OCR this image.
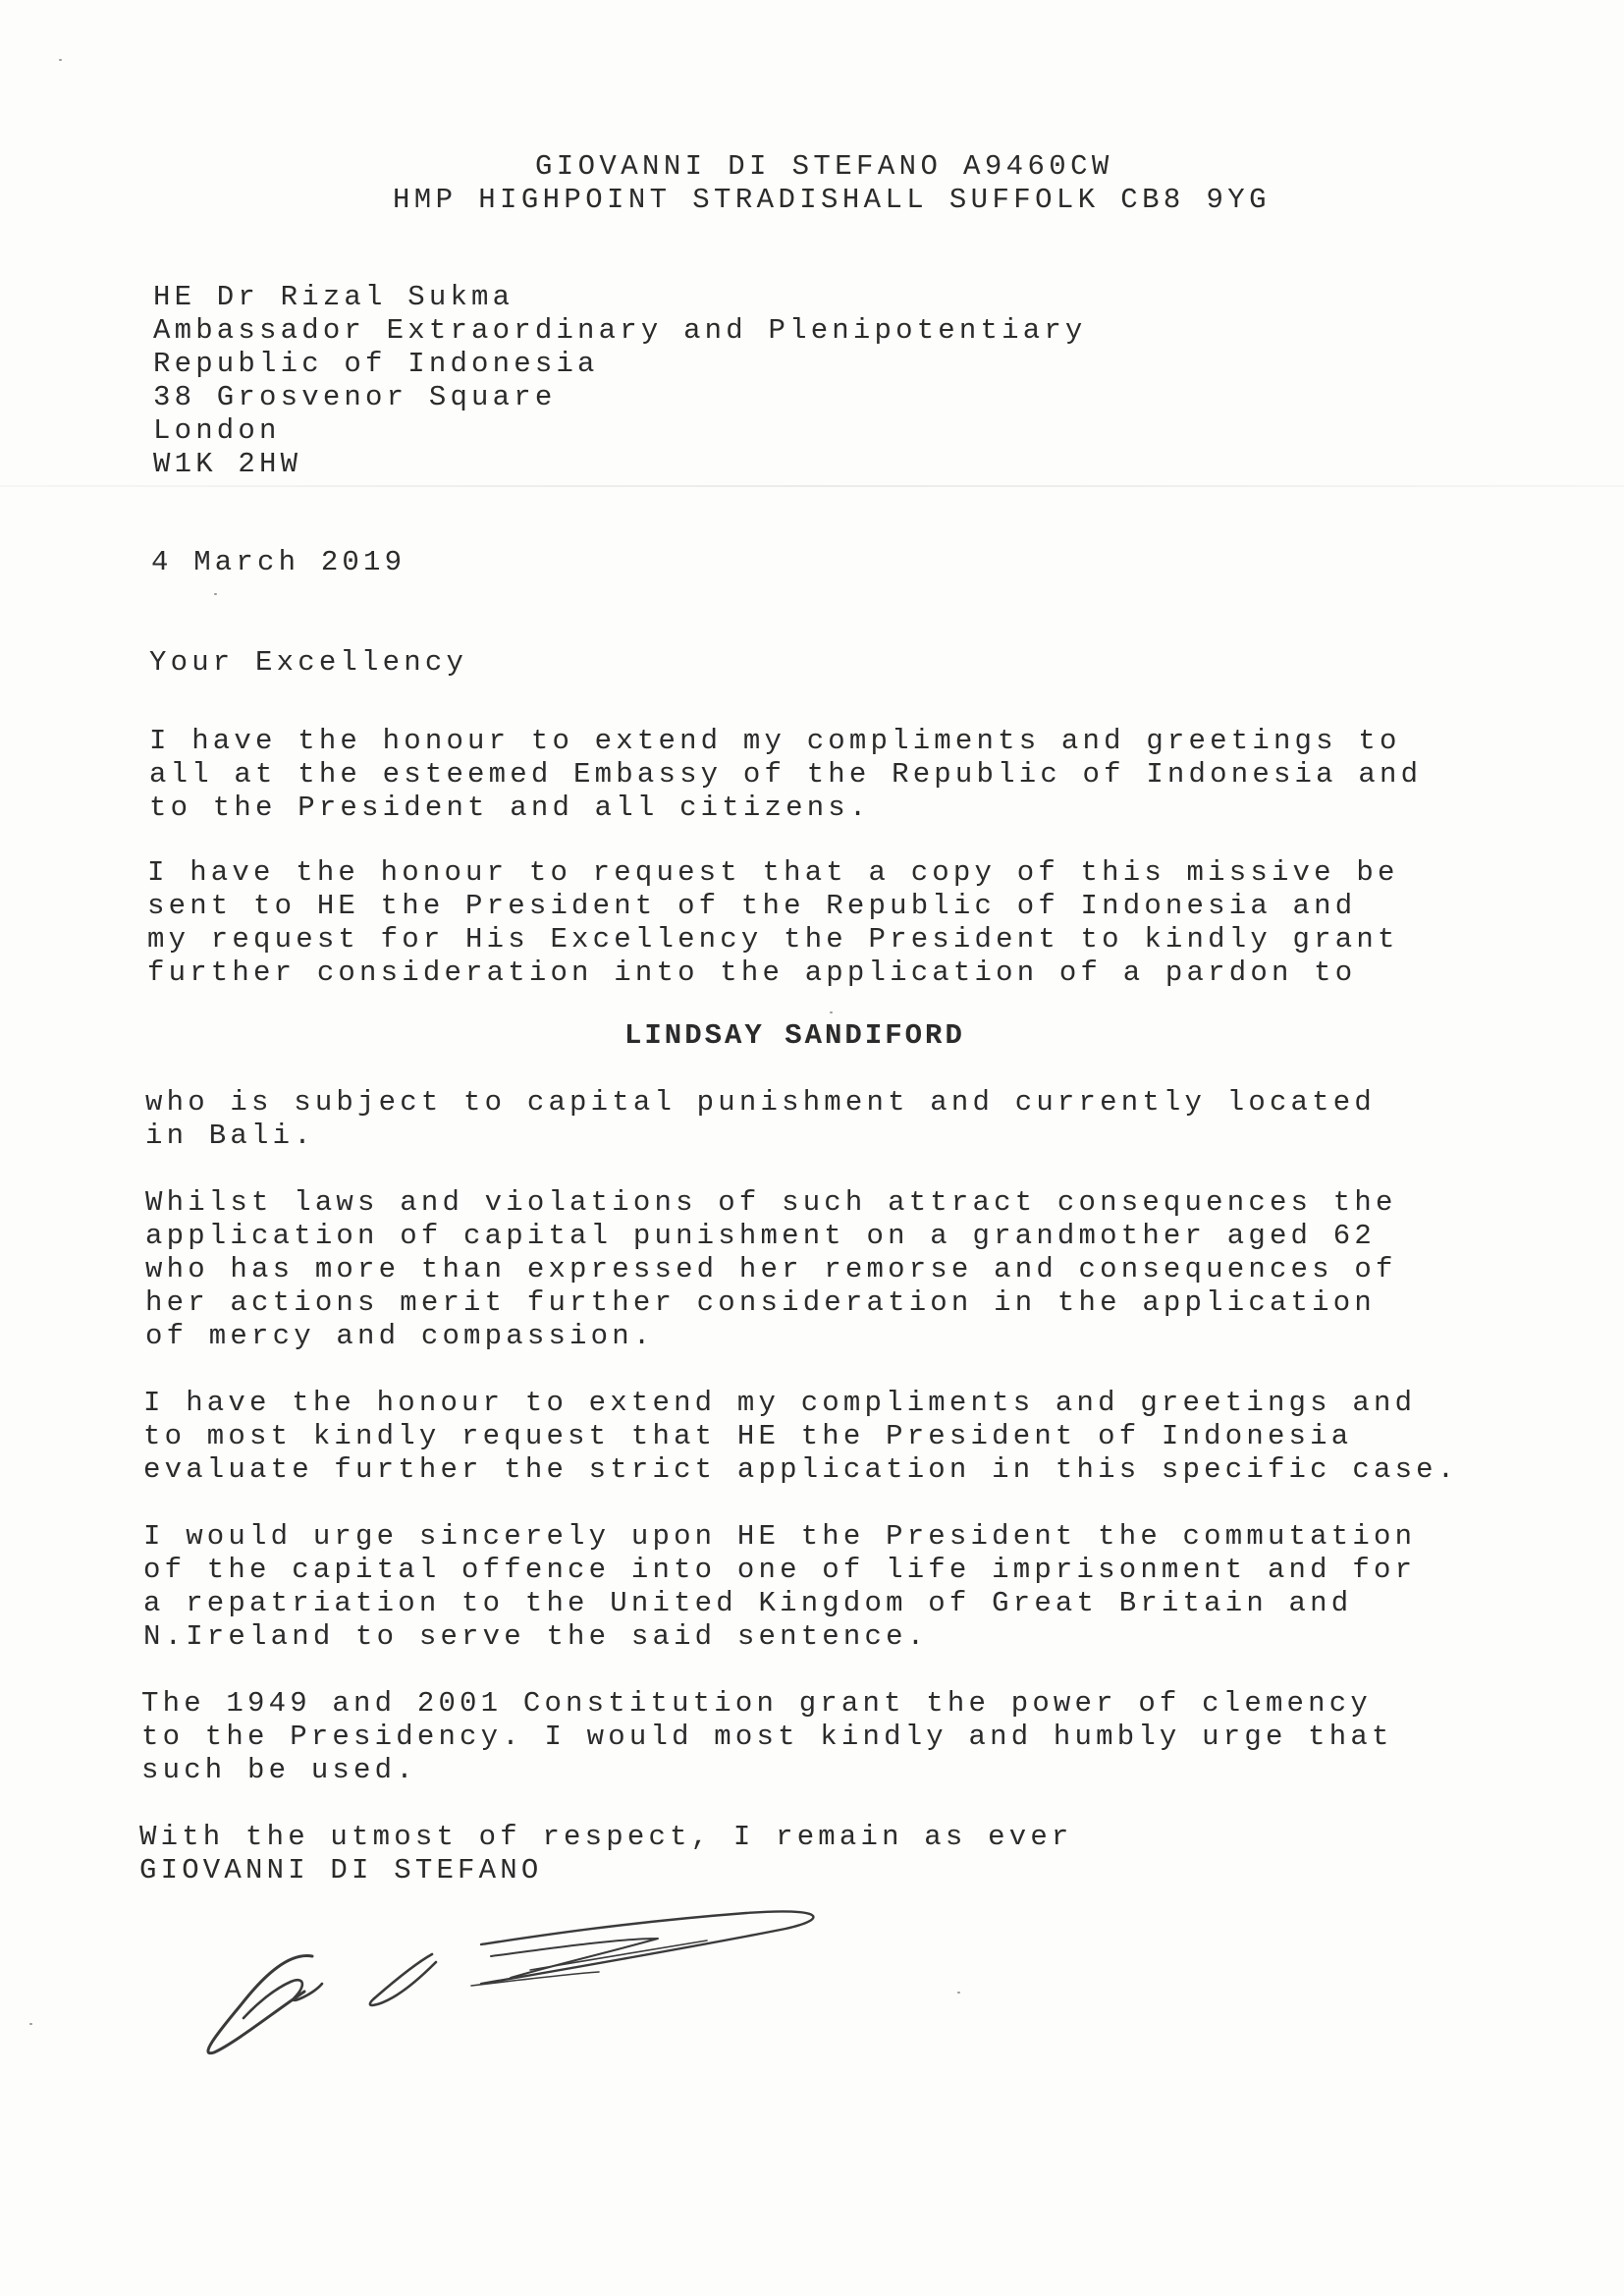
GIOVANNI DI STEFANO A9460CW

HMP HIGHPOINT STRADISHALL SUFFOLK CB8 9YG

HE Dr Rizal Sukma

Ambassador Extraordinary and Plenipotentiary

Republic of Indonesia

38 Grosvenor Square

London

W1K 2HW

4 March 2019

Your Excellency

I have the honour to extend my compliments and greetings to

all at the esteemed Embassy of the Republic of Indonesia and

to the President and all citizens.

I have the honour to request that a copy of this missive be

sent to HE the President of the Republic of Indonesia and

my request for His Excellency the President to kindly grant

further consideration into the application of a pardon to

LINDSAY SANDIFORD

who is subject to capital punishment and currently located

in Bali.

Whilst laws and violations of such attract consequences the

application of capital punishment on a grandmother aged 62

who has more than expressed her remorse and consequences of

her actions merit further consideration in the application

of mercy and compassion.

I have the honour to extend my compliments and greetings and

to most kindly request that HE the President of Indonesia

evaluate further the strict application in this specific case.

I would urge sincerely upon HE the President the commutation

of the capital offence into one of life imprisonment and for

a repatriation to the United Kingdom of Great Britain and

N.Ireland to serve the said sentence.

The 1949 and 2001 Constitution grant the power of clemency

to the Presidency. I would most kindly and humbly urge that

such be used.

With the utmost of respect, I remain as ever

GIOVANNI DI STEFANO
